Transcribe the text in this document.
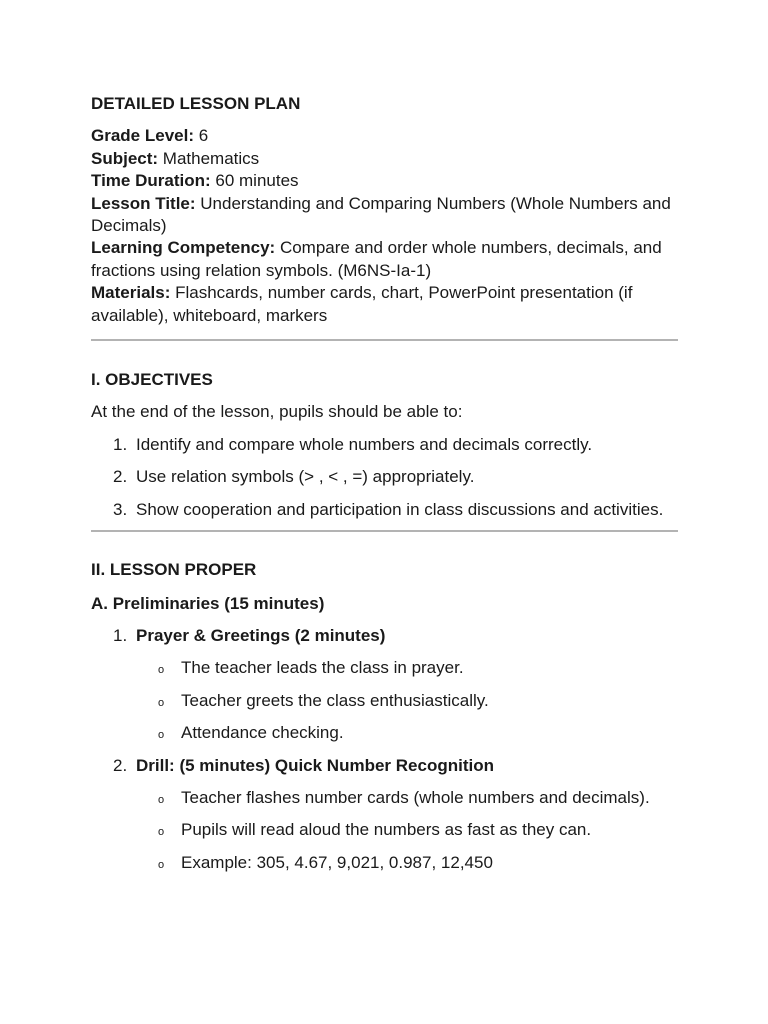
DETAILED LESSON PLAN
Grade Level: 6
Subject: Mathematics
Time Duration: 60 minutes
Lesson Title: Understanding and Comparing Numbers (Whole Numbers and Decimals)
Learning Competency: Compare and order whole numbers, decimals, and fractions using relation symbols. (M6NS-Ia-1)
Materials: Flashcards, number cards, chart, PowerPoint presentation (if available), whiteboard, markers
I. OBJECTIVES
At the end of the lesson, pupils should be able to:
1. Identify and compare whole numbers and decimals correctly.
2. Use relation symbols (> , < , =) appropriately.
3. Show cooperation and participation in class discussions and activities.
II. LESSON PROPER
A. Preliminaries (15 minutes)
1. Prayer & Greetings (2 minutes)
o The teacher leads the class in prayer.
o Teacher greets the class enthusiastically.
o Attendance checking.
2. Drill: (5 minutes) Quick Number Recognition
o Teacher flashes number cards (whole numbers and decimals).
o Pupils will read aloud the numbers as fast as they can.
o Example: 305, 4.67, 9,021, 0.987, 12,450
